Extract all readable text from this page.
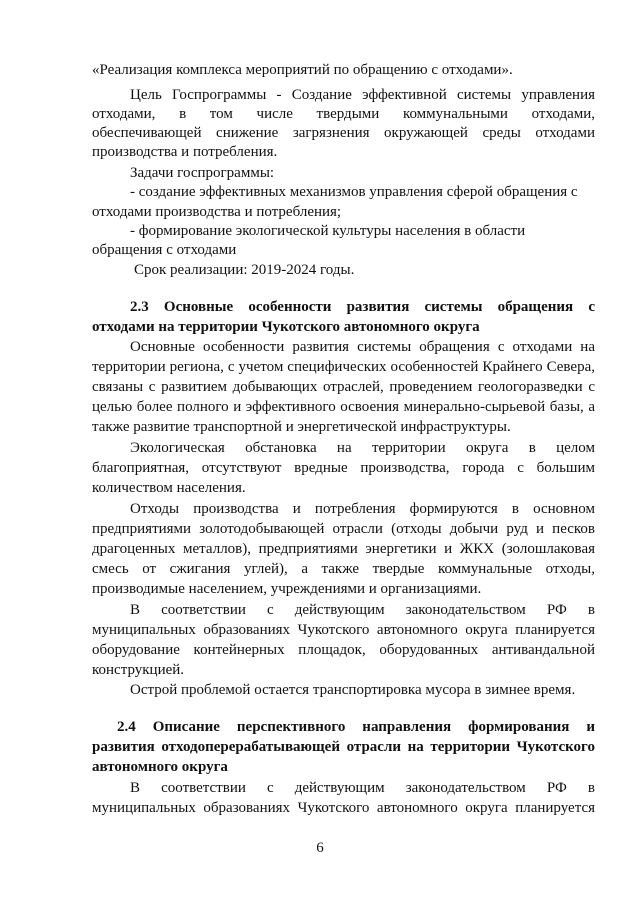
«Реализация комплекса мероприятий по обращению с отходами».
Цель Госпрограммы - Создание эффективной системы управления
отходами, в том числе твердыми коммунальными отходами,
обеспечивающей снижение загрязнения окружающей среды отходами
производства и потребления.
Задачи госпрограммы:
- создание эффективных механизмов управления сферой обращения с
отходами производства и потребления;
- формирование экологической культуры населения в области
обращения с отходами
Срок реализации: 2019-2024 годы.
2.3 Основные особенности развития системы обращения с
отходами на территории Чукотского автономного округа
Основные особенности развития системы обращения с отходами на
территории региона, с учетом специфических особенностей Крайнего Севера,
связаны с развитием добывающих отраслей, проведением геологоразведки с
целью более полного и эффективного освоения минерально-сырьевой базы, а
также развитие транспортной и энергетической инфраструктуры.
Экологическая обстановка на территории округа в целом
благоприятная, отсутствуют вредные производства, города с большим
количеством населения.
Отходы производства и потребления формируются в основном
предприятиями золотодобывающей отрасли (отходы добычи руд и песков
драгоценных металлов), предприятиями энергетики и ЖКХ (золошлаковая
смесь от сжигания углей), а также твердые коммунальные отходы,
производимые населением, учреждениями и организациями.
В соответствии с действующим законодательством РФ в
муниципальных образованиях Чукотского автономного округа планируется
оборудование контейнерных площадок, оборудованных антивандальной
конструкцией.
Острой проблемой остается транспортировка мусора в зимнее время.
2.4 Описание перспективного направления формирования и
развития отходоперерабатывающей отрасли на территории Чукотского
автономного округа
В соответствии с действующим законодательством РФ в
муниципальных образованиях Чукотского автономного округа планируется
6
